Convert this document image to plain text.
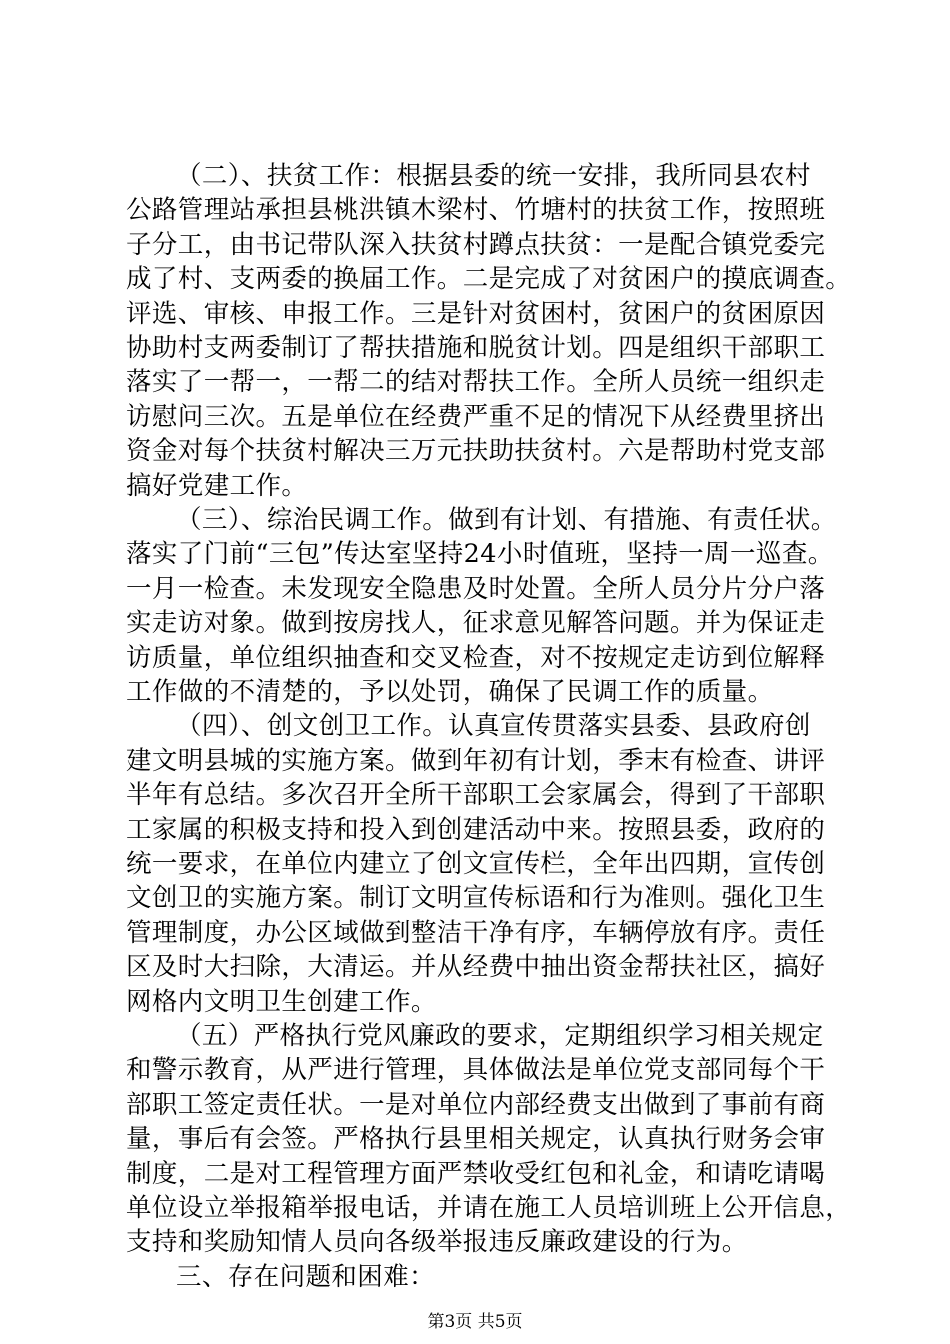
（二）、扶贫工作：根据县委的统一安排，我所同县农村
公路管理站承担县桃洪镇木梁村、竹塘村的扶贫工作，按照班
子分工，由书记带队深入扶贫村蹲点扶贫：一是配合镇党委完
成了村、支两委的换届工作。二是完成了对贫困户的摸底调查。
评选、审核、申报工作。三是针对贫困村，贫困户的贫困原因
协助村支两委制订了帮扶措施和脱贫计划。四是组织干部职工
落实了一帮一，一帮二的结对帮扶工作。全所人员统一组织走
访慰问三次。五是单位在经费严重不足的情况下从经费里挤出
资金对每个扶贫村解决三万元扶助扶贫村。六是帮助村党支部
搞好党建工作。
（三）、综治民调工作。做到有计划、有措施、有责任状。
落实了门前“三包”传达室坚持24小时值班，坚持一周一巡查。
一月一检查。未发现安全隐患及时处置。全所人员分片分户落
实走访对象。做到按房找人，征求意见解答问题。并为保证走
访质量，单位组织抽查和交叉检查，对不按规定走访到位解释
工作做的不清楚的，予以处罚，确保了民调工作的质量。
（四）、创文创卫工作。认真宣传贯落实县委、县政府创
建文明县城的实施方案。做到年初有计划，季末有检查、讲评
半年有总结。多次召开全所干部职工会家属会，得到了干部职
工家属的积极支持和投入到创建活动中来。按照县委，政府的
统一要求，在单位内建立了创文宣传栏，全年出四期，宣传创
文创卫的实施方案。制订文明宣传标语和行为准则。强化卫生
管理制度，办公区域做到整洁干净有序，车辆停放有序。责任
区及时大扫除，大清运。并从经费中抽出资金帮扶社区，搞好
网格内文明卫生创建工作。
（五）严格执行党风廉政的要求，定期组织学习相关规定
和警示教育，从严进行管理，具体做法是单位党支部同每个干
部职工签定责任状。一是对单位内部经费支出做到了事前有商
量，事后有会签。严格执行县里相关规定，认真执行财务会审
制度，二是对工程管理方面严禁收受红包和礼金，和请吃请喝
单位设立举报箱举报电话，并请在施工人员培训班上公开信息，
支持和奖励知情人员向各级举报违反廉政建设的行为。
三、存在问题和困难：
第3页 共5页
